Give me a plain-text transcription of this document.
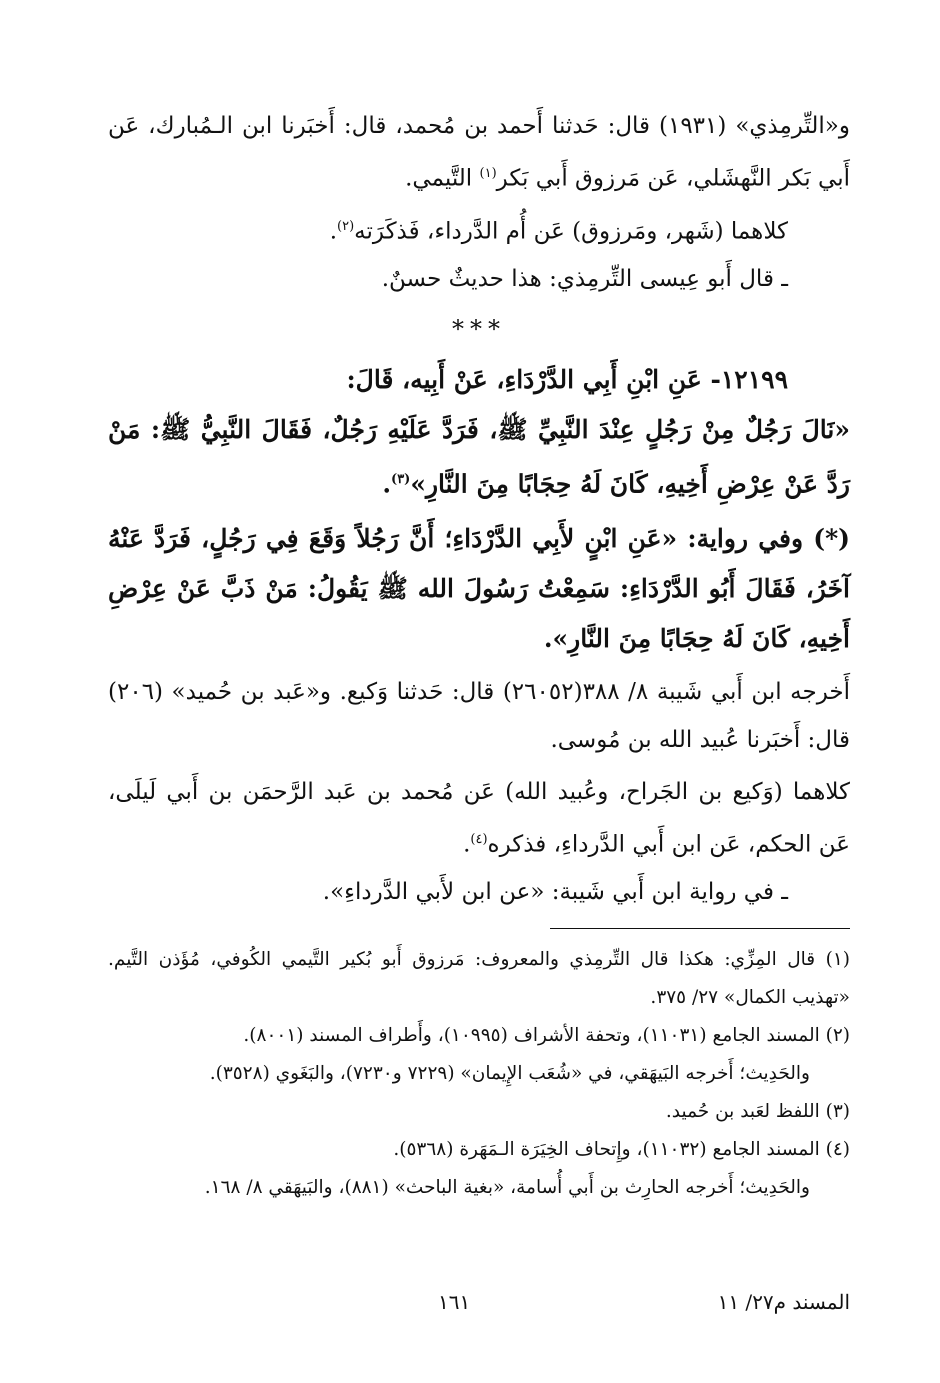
و«التِّرمِذي» (١٩٣١) قال: حَدثنا أَحمد بن مُحمد، قال: أَخبَرنا ابن الـمُبارك، عَن أَبي بَكر النَّهشَلي، عَن مَرزوق أَبي بَكر$^{(١)}$ التَّيمي.

كلاهما (شَهر، ومَرزوق) عَن أُم الدَّرداء، فَذكَرَته$^{(٢)}$.

ـ قال أَبو عِيسى التِّرمِذي: هذا حديثٌ حسنٌ.

***

١٢١٩٩- عَنِ ابْنِ أَبِي الدَّرْدَاءِ، عَنْ أَبِيه، قَالَ:

«نَالَ رَجُلٌ مِنْ رَجُلٍ عِنْدَ النَّبِيِّ ﷺ، فَرَدَّ عَلَيْهِ رَجُلٌ، فَقَالَ النَّبِيُّ ﷺ: مَنْ رَدَّ عَنْ عِرْضِ أَخِيهِ، كَانَ لَهُ حِجَابًا مِنَ النَّارِ»$^{(٣)}$.

(*) وفي رواية: «عَنِ ابْنٍ لأَبِي الدَّرْدَاءِ؛ أَنَّ رَجُلاً وَقَعَ فِي رَجُلٍ، فَرَدَّ عَنْهُ آخَرُ، فَقَالَ أَبُو الدَّرْدَاءِ: سَمِعْتُ رَسُولَ الله ﷺ يَقُولُ: مَنْ ذَبَّ عَنْ عِرْضِ أَخِيهِ، كَانَ لَهُ حِجَابًا مِنَ النَّارِ».

أَخرجه ابن أَبي شَيبة ٨/ ٣٨٨(٢٦٠٥٢) قال: حَدثنا وَكيع. و«عَبد بن حُميد» (٢٠٦) قال: أَخبَرنا عُبيد الله بن مُوسى.

كلاهما (وَكيع بن الجَراح، وعُبيد الله) عَن مُحمد بن عَبد الرَّحمَن بن أَبي لَيلَى، عَن الحكم، عَن ابن أَبي الدَّرداءِ، فذكره$^{(٤)}$.

ـ في رواية ابن أَبي شَيبة: «عن ابن لأَبي الدَّرداءِ».

(١) قال المِزِّي: هكذا قال التِّرمِذي والمعروف: مَرزوق أَبو بُكير التَّيمي الكُوفي، مُؤَذن التَّيم. «تهذيب الكمال» ٢٧/ ٣٧٥.

(٢) المسند الجامع (١١٠٣١)، وتحفة الأشراف (١٠٩٩٥)، وأَطراف المسند (٨٠٠١).

والحَدِيث؛ أَخرجه البَيهَقي، في «شُعَب الإِيمان» (٧٢٢٩ و٧٢٣٠)، والبَغَوي (٣٥٢٨).

(٣) اللفظ لعَبد بن حُميد.

(٤) المسند الجامع (١١٠٣٢)، وإِتحاف الخِيَرَة الـمَهَرة (٥٣٦٨).

والحَدِيث؛ أَخرجه الحارِث بن أَبي أُسامة، «بغية الباحث» (٨٨١)، والبَيهَقي ٨/ ١٦٨.

المسند م٢٧/ ١١
١٦١
